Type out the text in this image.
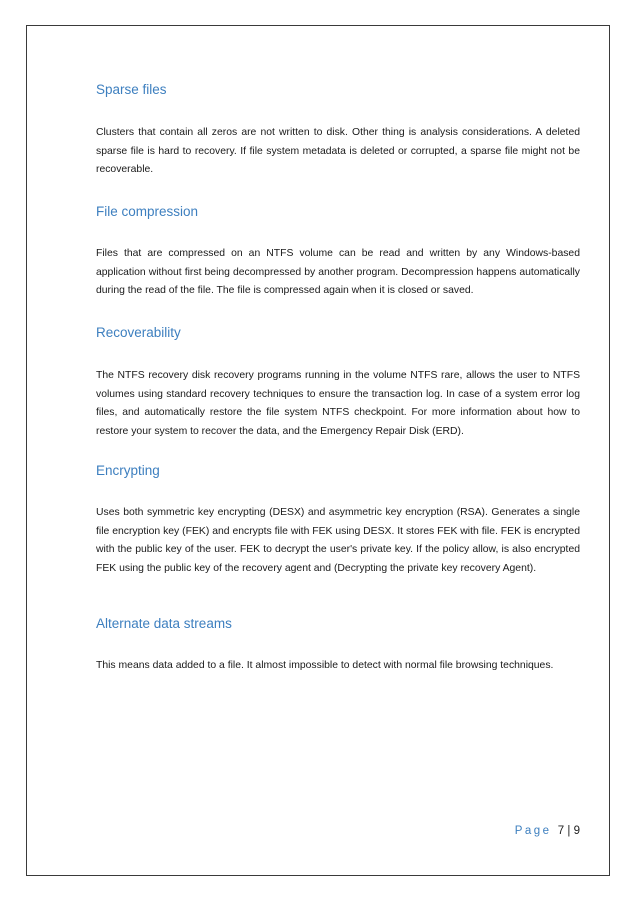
Sparse files
Clusters that contain all zeros are not written to disk. Other thing is analysis considerations. A deleted sparse file is hard to recovery. If file system metadata is deleted or corrupted, a sparse file might not be recoverable.
File compression
Files that are compressed on an NTFS volume can be read and written by any Windows-based application without first being decompressed by another program. Decompression happens automatically during the read of the file. The file is compressed again when it is closed or saved.
Recoverability
The NTFS recovery disk recovery programs running in the volume NTFS rare, allows the user to NTFS volumes using standard recovery techniques to ensure the transaction log. In case of a system error log files, and automatically restore the file system NTFS checkpoint. For more information about how to restore your system to recover the data, and the Emergency Repair Disk (ERD).
Encrypting
Uses both symmetric key encrypting (DESX) and asymmetric key encryption (RSA). Generates a single file encryption key (FEK) and encrypts file with FEK using DESX. It stores FEK with file. FEK is encrypted with the public key of the user. FEK to decrypt the user's private key. If the policy allow, is also encrypted FEK using the public key of the recovery agent and (Decrypting the private key recovery Agent).
Alternate data streams
This means data added to a file. It almost impossible to detect with normal file browsing techniques.
Page 7 | 9
